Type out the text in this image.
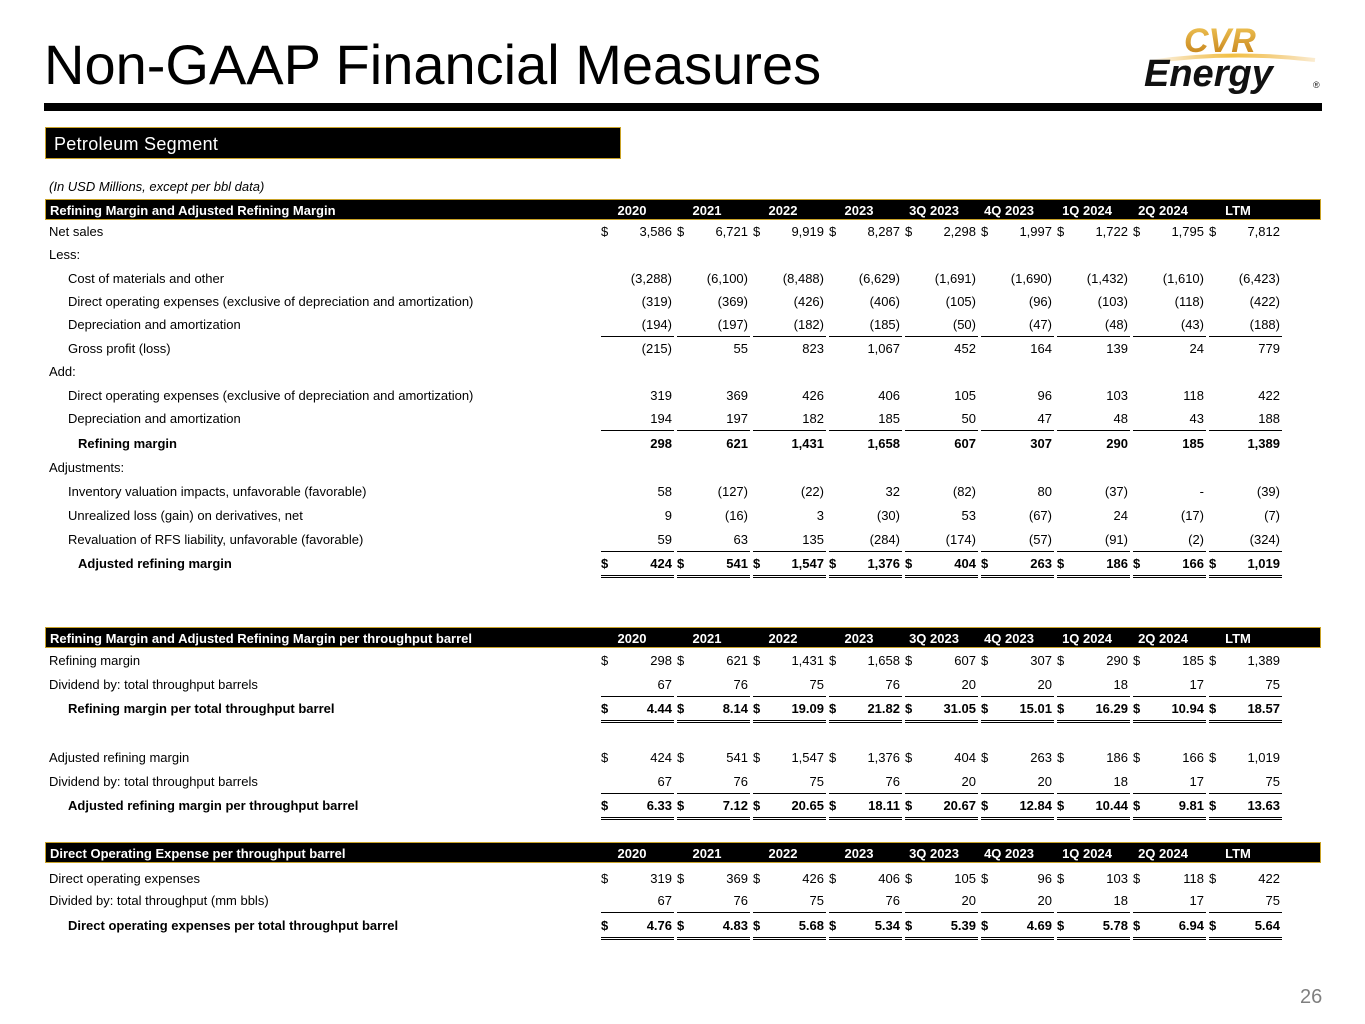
Non-GAAP Financial Measures	CVR
Energy	®
Petroleum Segment
(In USD Millions, except per bbl data)
Refining Margin and Adjusted Refining Margin	2020	2021	2022	2023	3Q 2023	4Q 2023	1Q 2024	2Q 2024	LTM
Net sales	$ 3,586 $ 6,721 $ 9,919 $ 8,287 $ 2,298 $ 1,997 $ 1,722 $ 1,795 $ 7,812
Less:
Cost of materials and other	(3,288)	(6,100)	(8,488)	(6,629)	(1,691)	(1,690)	(1,432)	(1,610)	(6,423)
Direct operating expenses (exclusive of depreciation and amortization)	(319)	(369)	(426)	(406)	(105)	(96)	(103)	(118)	(422)
Depreciation and amortization	(194)	(197)	(182)	(185)	(50)	(47)	(48)	(43)	(188)
Gross profit (loss)	(215)	55	823	1,067	452	164	139	24	779
Add:
Direct operating expenses (exclusive of depreciation and amortization)	319	369	426	406	105	96	103	118	422
Depreciation and amortization	194	197	182	185	50	47	48	43	188
Refining margin	298	621	1,431	1,658	607	307	290	185	1,389
Adjustments:
Inventory valuation impacts, unfavorable (favorable)	58	(127)	(22)	32	(82)	80	(37)	-	(39)
Unrealized loss (gain) on derivatives, net	9	(16)	3	(30)	53	(67)	24	(17)	(7)
Revaluation of RFS liability, unfavorable (favorable)	59	63	135	(284)	(174)	(57)	(91)	(2)	(324)
Adjusted refining margin	$	424 $	541 $ 1,547 $ 1,376 $	404 $	263 $	186 $	166 $ 1,019
Refining Margin and Adjusted Refining Margin per throughput barrel	2020	2021	2022	2023	3Q 2023	4Q 2023	1Q 2024	2Q 2024	LTM
Refining margin	$	298 $	621 $ 1,431 $ 1,658 $	607 $	307 $	290 $	185 $ 1,389
Dividend by: total throughput barrels	67	76	75	76	20	20	18	17	75
Refining margin per total throughput barrel	$	4.44 $	8.14 $ 19.09 $ 21.82 $ 31.05 $ 15.01 $ 16.29 $ 10.94 $ 18.57
Adjusted refining margin	$	424 $	541 $ 1,547 $ 1,376 $	404 $	263 $	186 $	166 $ 1,019
Dividend by: total throughput barrels	67	76	75	76	20	20	18	17	75
Adjusted refining margin per throughput barrel	$	6.33 $	7.12 $ 20.65 $ 18.11 $ 20.67 $ 12.84 $ 10.44 $	9.81 $ 13.63
Direct Operating Expense per throughput barrel	2020	2021	2022	2023	3Q 2023	4Q 2023	1Q 2024	2Q 2024	LTM
Direct operating expenses	$	319 $	369 $	426 $	406 $	105 $	96 $	103 $	118 $	422
Divided by: total throughput (mm bbls)	67	76	75	76	20	20	18	17	75
Direct operating expenses per total throughput barrel	$	4.76 $	4.83 $	5.68 $	5.34 $	5.39 $	4.69 $	5.78 $	6.94 $	5.64
26
